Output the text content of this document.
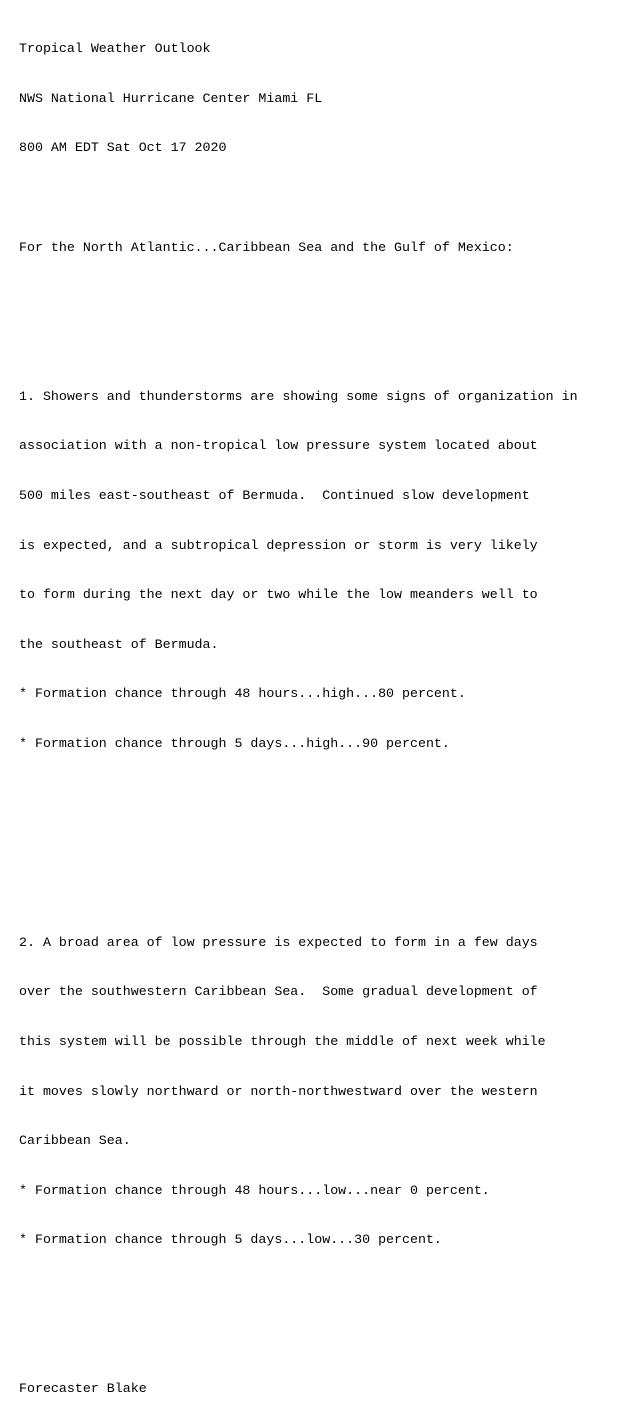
Tropical Weather Outlook

NWS National Hurricane Center Miami FL

800 AM EDT Sat Oct 17 2020

For the North Atlantic...Caribbean Sea and the Gulf of Mexico:

1. Showers and thunderstorms are showing some signs of organization in

association with a non-tropical low pressure system located about

500 miles east-southeast of Bermuda.  Continued slow development

is expected, and a subtropical depression or storm is very likely

to form during the next day or two while the low meanders well to

the southeast of Bermuda.

* Formation chance through 48 hours...high...80 percent.

* Formation chance through 5 days...high...90 percent.

2. A broad area of low pressure is expected to form in a few days

over the southwestern Caribbean Sea.  Some gradual development of

this system will be possible through the middle of next week while

it moves slowly northward or north-northwestward over the western

Caribbean Sea.

* Formation chance through 48 hours...low...near 0 percent.

* Formation chance through 5 days...low...30 percent.

Forecaster Blake
